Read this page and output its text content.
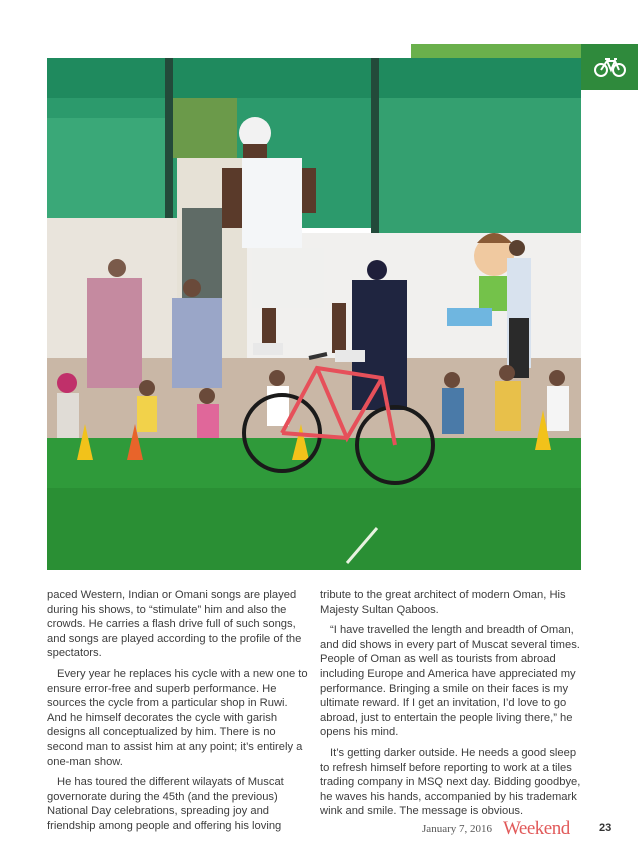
paced Western, Indian or Omani songs are played during his shows, to “stimulate” him and also the crowds. He carries a flash drive full of such songs, and songs are played according to the profile of the spectators.

Every year he replaces his cycle with a new one to ensure error-free and superb performance. He sources the cycle from a particular shop in Ruwi. And he himself decorates the cycle with garish designs all conceptualized by him. There is no second man to assist him at any point; it’s entirely a one-man show.

He has toured the different wilayats of Muscat governorate during the 45th (and the previous) National Day celebrations, spreading joy and friendship among people and offering his loving

tribute to the great architect of modern Oman, His Majesty Sultan Qaboos.

“I have travelled the length and breadth of Oman, and did shows in every part of Muscat several times. People of Oman as well as tourists from abroad including Europe and America have appreciated my performance. Bringing a smile on their faces is my ultimate reward. If I get an invitation, I’d love to go abroad, just to entertain the people living there,” he opens his mind.

It’s getting darker outside. He needs a good sleep to refresh himself before reporting to work at a tiles trading company in MSQ next day. Bidding goodbye, he waves his hands, accompanied by his trademark wink and smile. The message is obvious.

January 7, 2016 Weekend	23
